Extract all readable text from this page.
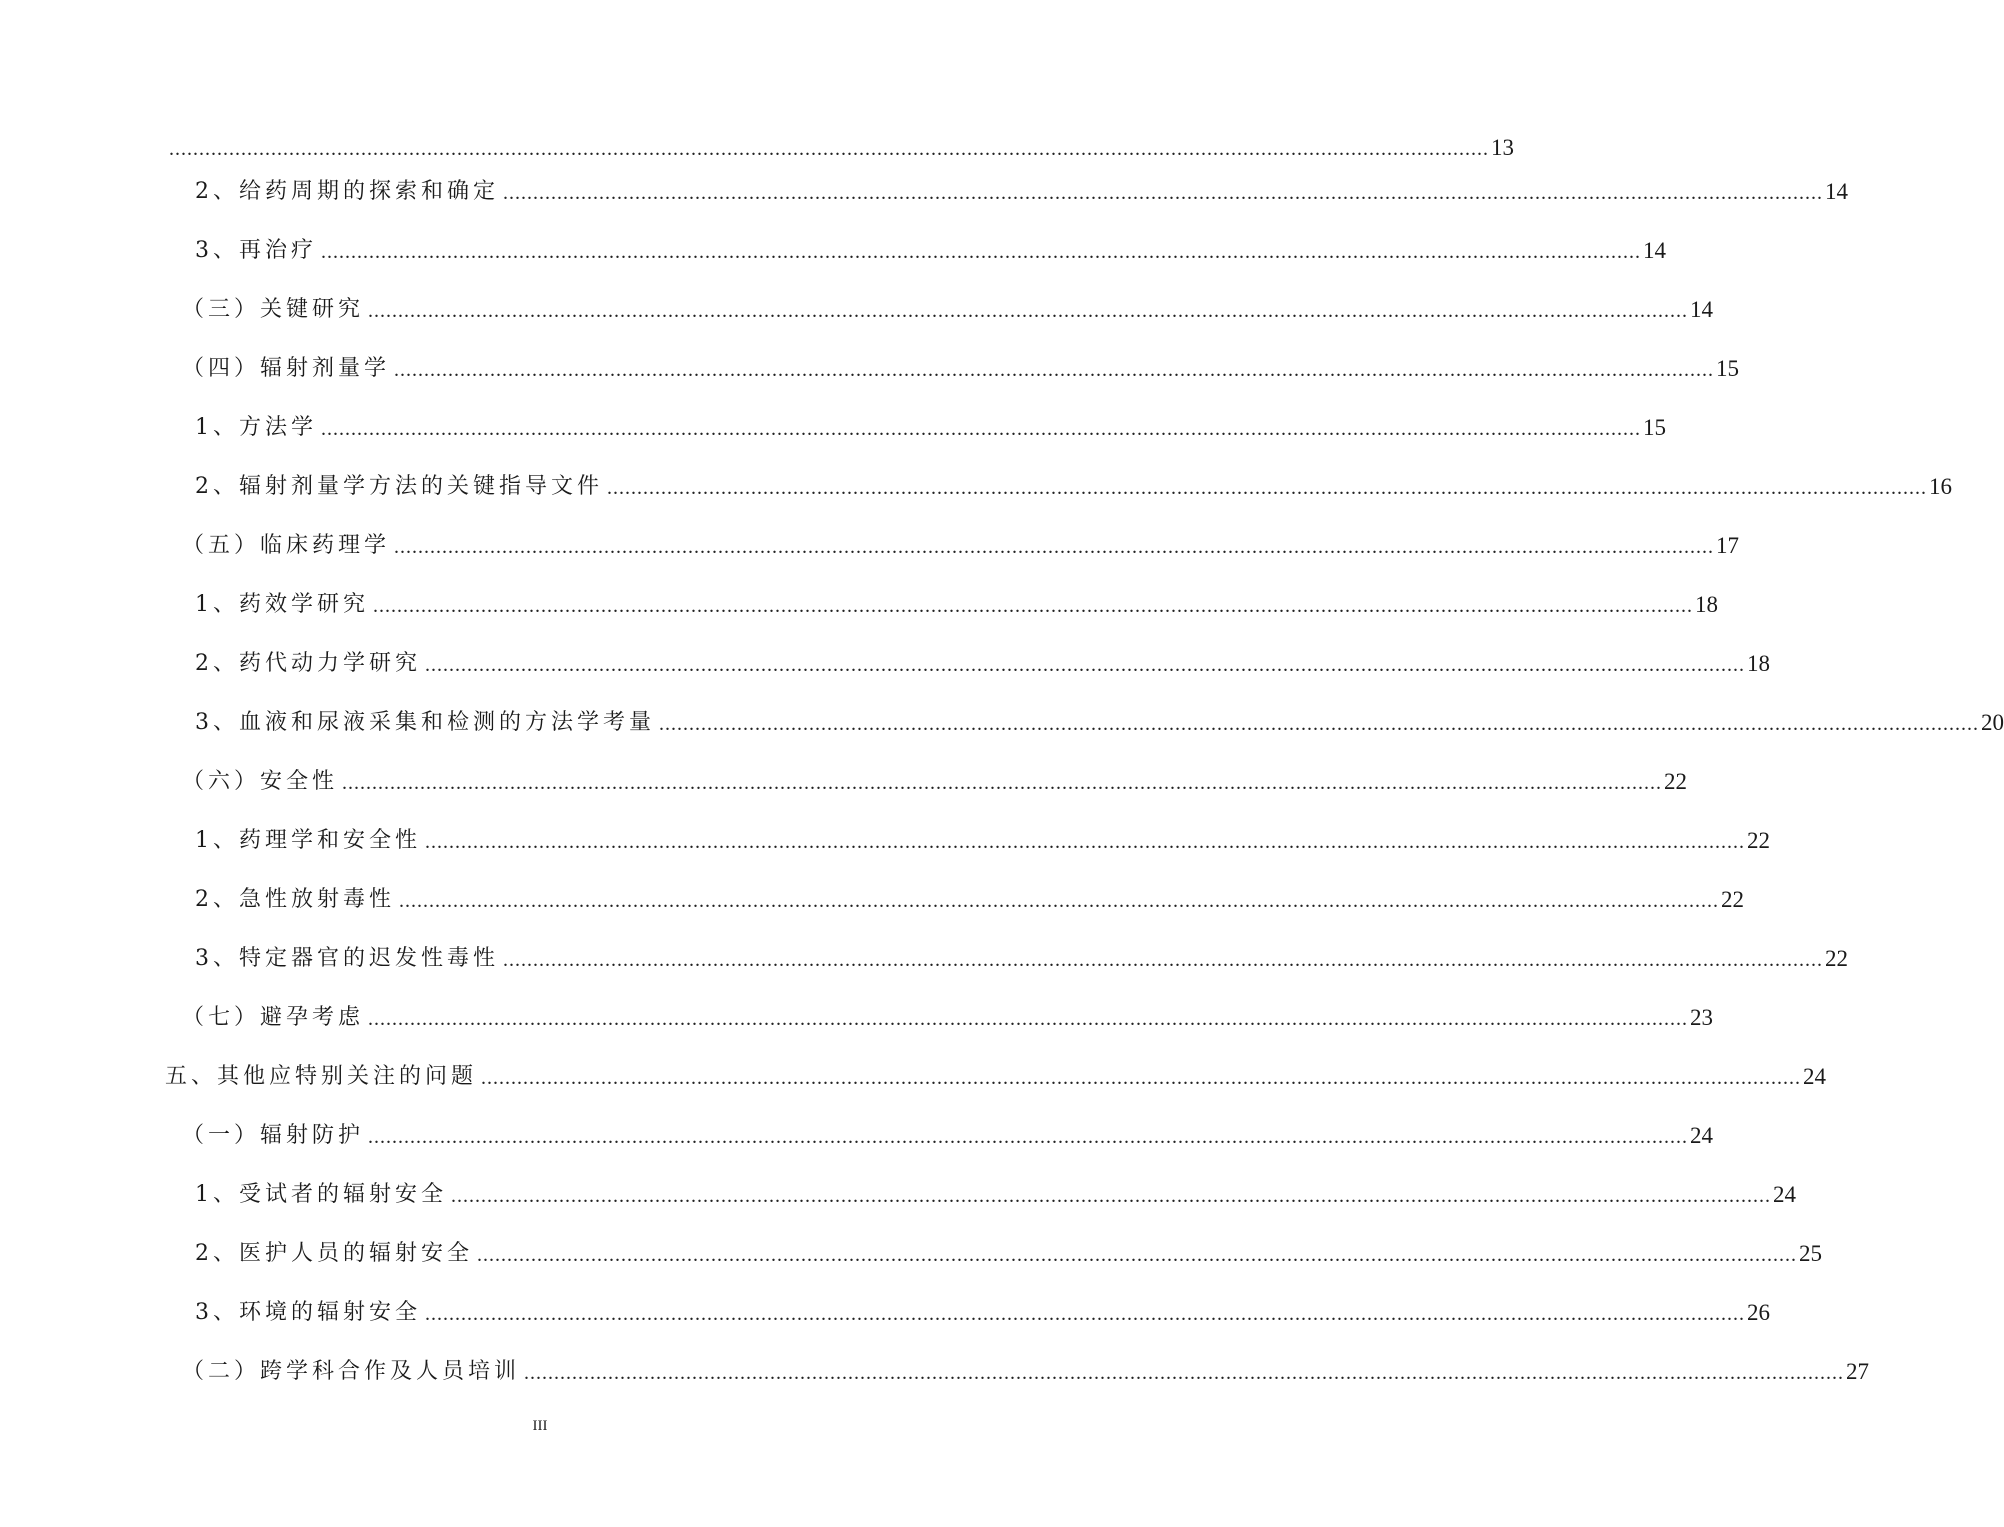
............................................................................................................................................................................................................................ 13
2、给药周期的探索和确定 ............................................................................................................................................................................................................................ 14
3、再治疗 ............................................................................................................................................................................................................................ 14
（三）关键研究 ............................................................................................................................................................................................................................ 14
（四）辐射剂量学 ............................................................................................................................................................................................................................ 15
1、方法学 ............................................................................................................................................................................................................................ 15
2、辐射剂量学方法的关键指导文件 ............................................................................................................................................................................................................................ 16
（五）临床药理学 ............................................................................................................................................................................................................................ 17
1、药效学研究 ............................................................................................................................................................................................................................ 18
2、药代动力学研究 ............................................................................................................................................................................................................................ 18
3、血液和尿液采集和检测的方法学考量 ............................................................................................................................................................................................................................ 20
（六）安全性 ............................................................................................................................................................................................................................ 22
1、药理学和安全性 ............................................................................................................................................................................................................................ 22
2、急性放射毒性 ............................................................................................................................................................................................................................ 22
3、特定器官的迟发性毒性 ............................................................................................................................................................................................................................ 22
（七）避孕考虑 ............................................................................................................................................................................................................................ 23
五、其他应特别关注的问题 ............................................................................................................................................................................................................................ 24
（一）辐射防护 ............................................................................................................................................................................................................................ 24
1、受试者的辐射安全 ............................................................................................................................................................................................................................ 24
2、医护人员的辐射安全 ............................................................................................................................................................................................................................ 25
3、环境的辐射安全 ............................................................................................................................................................................................................................ 26
（二）跨学科合作及人员培训 ............................................................................................................................................................................................................................ 27
III
